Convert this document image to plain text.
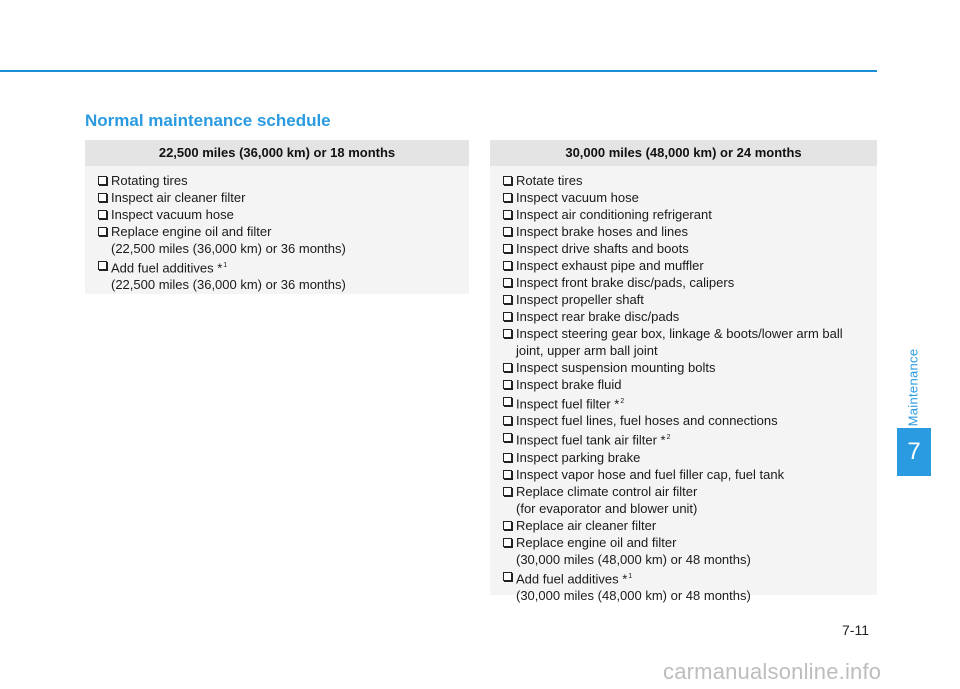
Normal maintenance schedule
22,500 miles (36,000 km) or 18 months
Rotating tires
Inspect air cleaner filter
Inspect vacuum hose
Replace engine oil and filter
(22,500 miles (36,000 km) or 36 months)
Add fuel additives *$^1$
(22,500 miles (36,000 km) or 36 months)
30,000 miles (48,000 km) or 24 months
Rotate tires
Inspect vacuum hose
Inspect air conditioning refrigerant
Inspect brake hoses and lines
Inspect drive shafts and boots
Inspect exhaust pipe and muffler
Inspect front brake disc/pads, calipers
Inspect propeller shaft
Inspect rear brake disc/pads
Inspect steering gear box, linkage & boots/lower arm ball
joint, upper arm ball joint
Inspect suspension mounting bolts
Inspect brake fluid
Inspect fuel filter *$^2$
Inspect fuel lines, fuel hoses and connections
Inspect fuel tank air filter *$^2$
Inspect parking brake
Inspect vapor hose and fuel filler cap, fuel tank
Replace climate control air filter
(for evaporator and blower unit)
Replace air cleaner filter
Replace engine oil and filter
(30,000 miles (48,000 km) or 48 months)
Add fuel additives *$^1$
(30,000 miles (48,000 km) or 48 months)
Maintenance
7
7-11
carmanualsonline.info
